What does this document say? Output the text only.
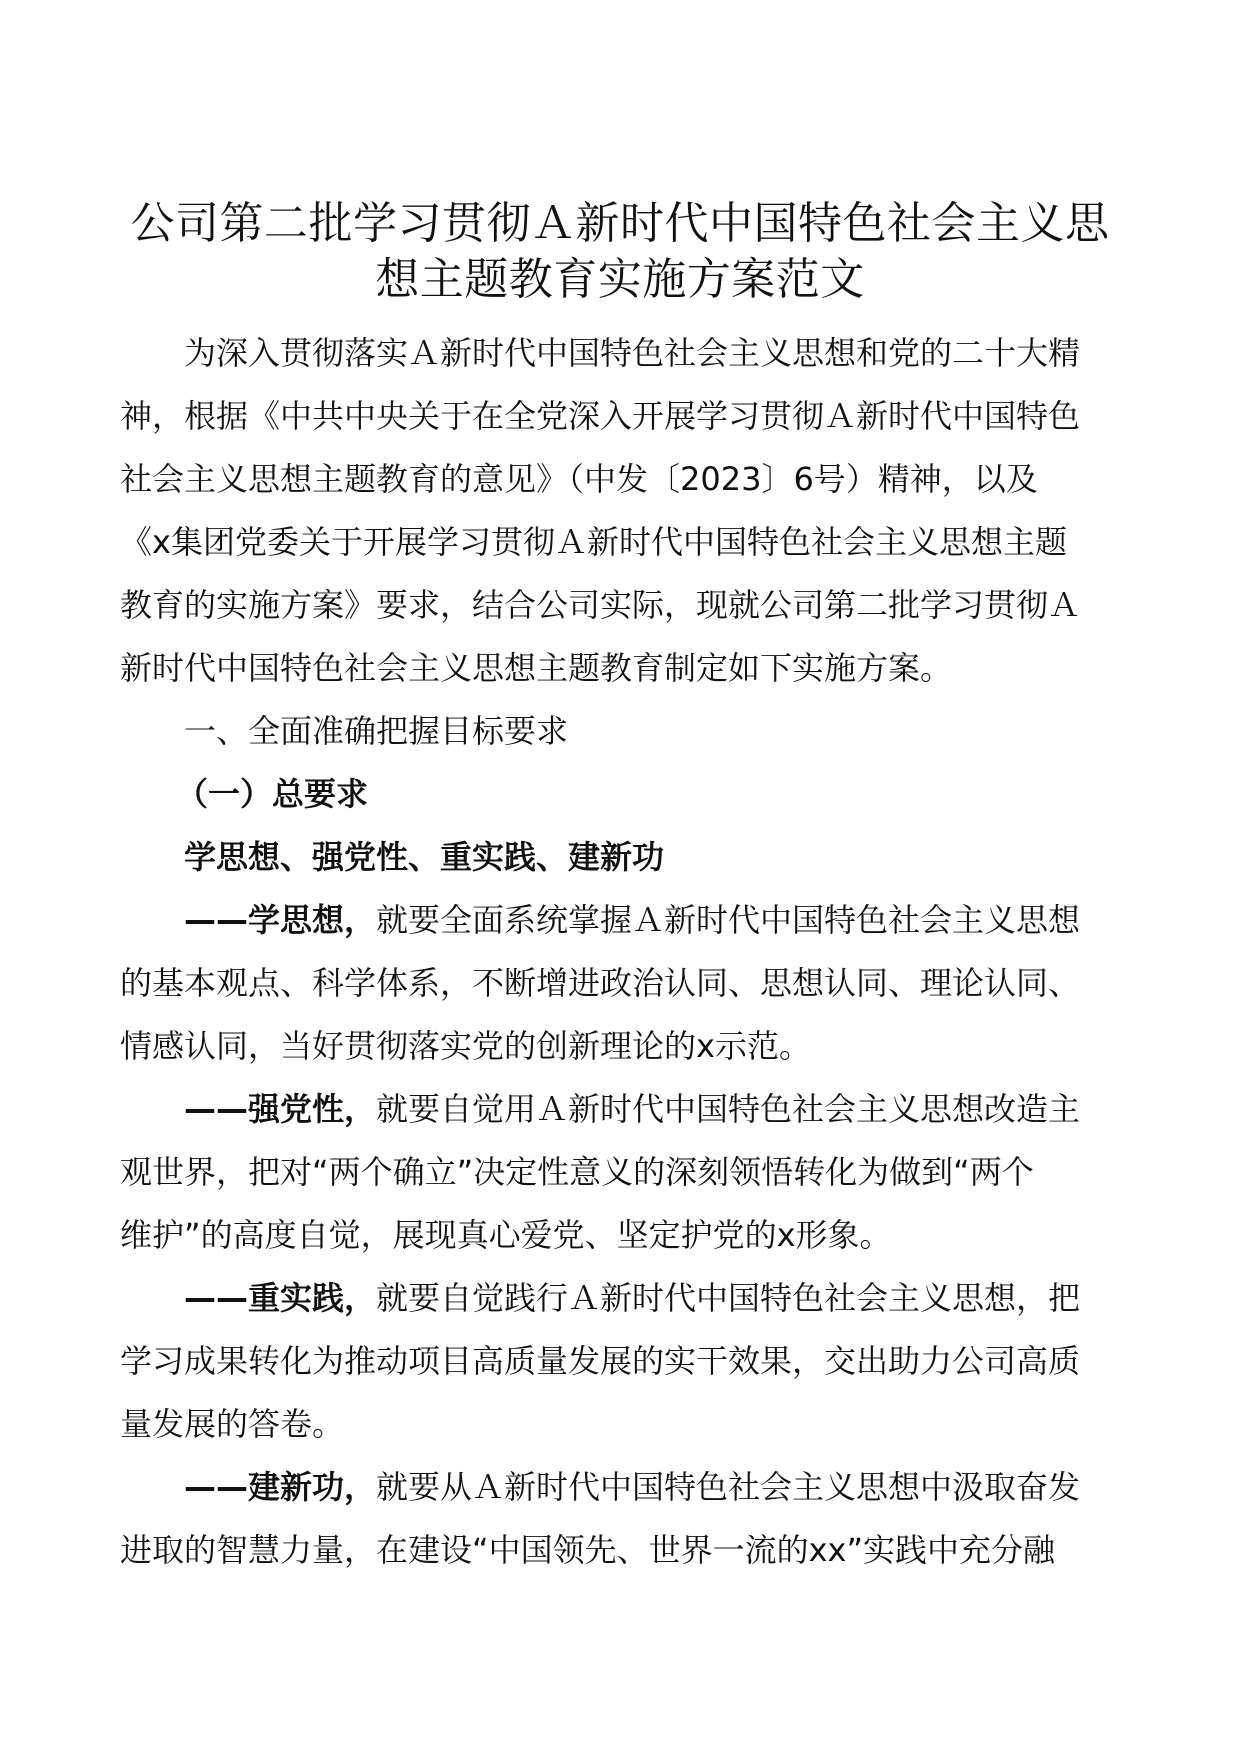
公司第二批学习贯彻Ａ新时代中国特色社会主义思
想主题教育实施方案范文
为深入贯彻落实Ａ新时代中国特色社会主义思想和党的二十大精
神，根据《中共中央关于在全党深入开展学习贯彻Ａ新时代中国特色
社会主义思想主题教育的意见》（中发〔2023〕6号）精神，以及
《x集团党委关于开展学习贯彻Ａ新时代中国特色社会主义思想主题
教育的实施方案》要求，结合公司实际，现就公司第二批学习贯彻Ａ
新时代中国特色社会主义思想主题教育制定如下实施方案。
一、全面准确把握目标要求
（一）总要求
学思想、强党性、重实践、建新功
——学思想，就要全面系统掌握Ａ新时代中国特色社会主义思想
的基本观点、科学体系，不断增进政治认同、思想认同、理论认同、
情感认同，当好贯彻落实党的创新理论的x示范。
——强党性，就要自觉用Ａ新时代中国特色社会主义思想改造主
观世界，把对“两个确立”决定性意义的深刻领悟转化为做到“两个
维护”的高度自觉，展现真心爱党、坚定护党的x形象。
——重实践，就要自觉践行Ａ新时代中国特色社会主义思想，把
学习成果转化为推动项目高质量发展的实干效果，交出助力公司高质
量发展的答卷。
——建新功，就要从Ａ新时代中国特色社会主义思想中汲取奋发
进取的智慧力量，在建设“中国领先、世界一流的xx”实践中充分融
